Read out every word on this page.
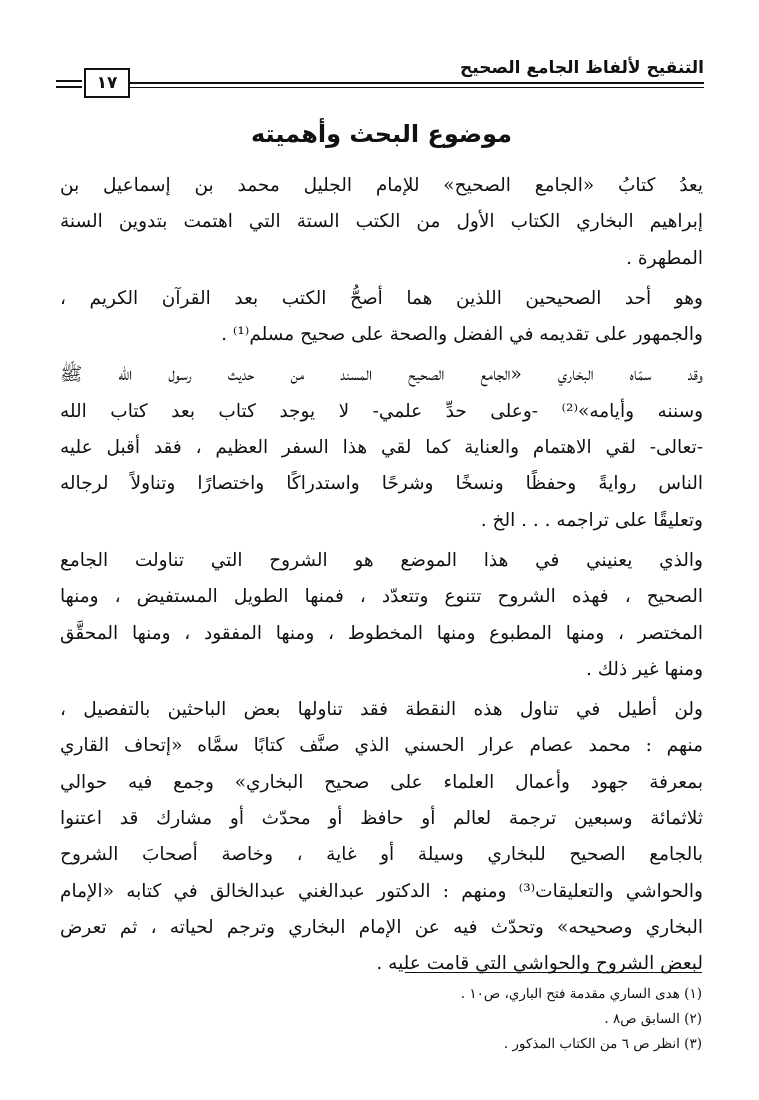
التنقيح لألفاظ الجامع الصحيح
١٧
موضوع البحث وأهميته
يعدُ كتابُ «الجامع الصحيح» للإمام الجليل محمد بن إسماعيل بن
إبراهيم البخاري الكتاب الأول من الكتب الستة التي اهتمت بتدوين السنة
المطهرة .
وهو أحد الصحيحين اللذين هما أصحُّ الكتب بعد القرآن الكريم ،
والجمهور على تقديمه في الفضل والصحة على صحيح مسلم⁽¹⁾ .
وقد سمّاه البخاري «الجامع الصحيح المسند من حديث رسول الله ﷺ
وسننه وأيامه»⁽²⁾ -وعلى حدِّ علمي- لا يوجد كتاب بعد كتاب الله
-تعالى- لقي الاهتمام والعناية كما لقي هذا السفر العظيم ، فقد أقبل عليه
الناس روايةً وحفظًا ونسخًا وشرحًا واستدراكًا واختصارًا وتناولاً لرجاله
وتعليقًا على تراجمه . . . الخ .
والذي يعنيني في هذا الموضع هو الشروح التي تناولت الجامع
الصحيح ، فهذه الشروح تتنوع وتتعدّد ، فمنها الطويل المستفيض ، ومنها
المختصر ، ومنها المطبوع ومنها المخطوط ، ومنها المفقود ، ومنها المحقَّق
ومنها غير ذلك .
ولن أطيل في تناول هذه النقطة فقد تناولها بعض الباحثين بالتفصيل ،
منهم : محمد عصام عرار الحسني الذي صنَّف كتابًا سمَّاه «إتحاف القاري
بمعرفة جهود وأعمال العلماء على صحيح البخاري» وجمع فيه حوالي
ثلاثمائة وسبعين ترجمة لعالم أو حافظ أو محدّث أو مشارك قد اعتنوا
بالجامع الصحيح للبخاري وسيلة أو غاية ، وخاصة أصحابَ الشروح
والحواشي والتعليقات⁽³⁾ ومنهم : الدكتور عبدالغني عبدالخالق في كتابه «الإمام
البخاري وصحيحه» وتحدّث فيه عن الإمام البخاري وترجم لحياته ، ثم تعرض
لبعض الشروح والحواشي التي قامت عليه .
(١) هدى الساري مقدمة فتح الباري، ص١٠ .
(٢) السابق ص٨ .
(٣) انظر ص ٦ من الكتاب المذكور .
